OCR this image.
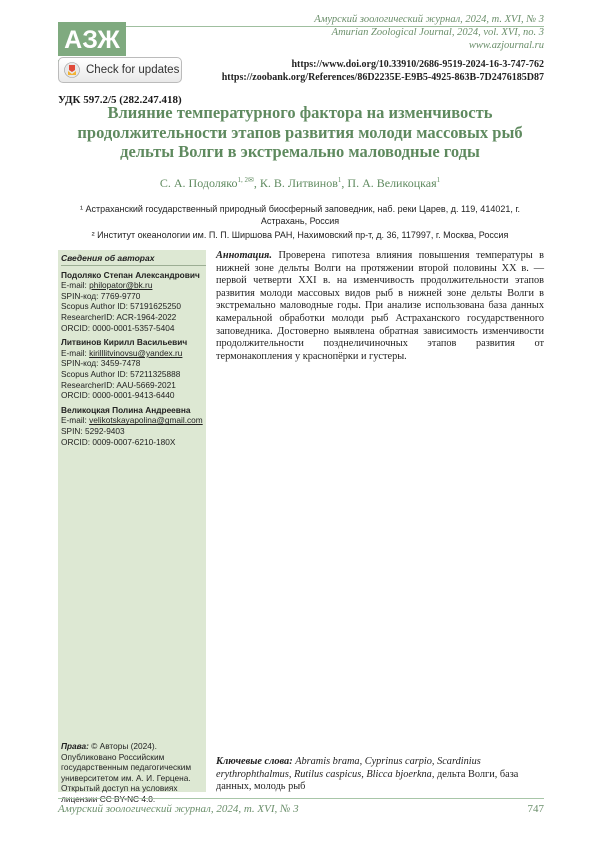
АЗЖ
Амурский зоологический журнал, 2024, т. XVI, № 3
Amurian Zoological Journal, 2024, vol. XVI, no. 3
www.azjournal.ru
Check for updates	https://www.doi.org/10.33910/2686-9519-2024-16-3-747-762
https://zoobank.org/References/86D2235E-E9B5-4925-863B-7D2476185D87
УДК 597.2/5 (282.247.418)
Влияние температурного фактора на изменчивость продолжительности этапов развития молоди массовых рыб дельты Волги в экстремально маловодные годы
С. А. Подоляко$^{1, 2✉}$, К. В. Литвинов$^1$, П. А. Великоцкая$^1$
¹ Астраханский государственный природный биосферный заповедник, наб. реки Царев, д. 119, 414021, г. Астрахань, Россия
² Институт океанологии им. П. П. Ширшова РАН, Нахимовский пр-т, д. 36, 117997, г. Москва, Россия
Сведения об авторах
Подоляко Степан Александрович
E-mail: philopator@bk.ru
SPIN-код: 7769-9770
Scopus Author ID: 57191625250
ResearcherID: ACR-1964-2022
ORCID: 0000-0001-5357-5404
Литвинов Кирилл Васильевич
E-mail: kirilllitvinovsu@yandex.ru
SPIN-код: 3459-7478
Scopus Author ID: 57211325888
ResearcherID: AAU-5669-2021
ORCID: 0000-0001-9413-6440
Великоцкая Полина Андреевна
E-mail: velikotskayapolina@gmail.com
SPIN: 5292-9403
ORCID: 0009-0007-6210-180X
Права: © Авторы (2024). Опубликовано Российским государственным педагогическим университетом им. А. И. Герцена. Открытый доступ на условиях
Аннотация. Проверена гипотеза влияния повышения температуры в нижней зоне дельты Волги на протяжении второй половины XX в. — первой четверти XXI в. на изменчивость продолжительности этапов развития молоди массовых видов рыб в нижней зоне дельты Волги в экстремально маловодные годы. При анализе использована база данных камеральной обработки молоди рыб Астраханского государственного заповедника. Достоверно выявлена обратная зависимость изменчивости продолжительности позднеличиночных этапов развития от термонакопления у краснопёрки и густеры.
Ключевые слова: Abramis brama, Cyprinus carpio, Scardinius erythrophthalmus, Rutilus caspicus, Blicca bjoerkna, дельта Волги, база данных, молодь рыб
Амурский зоологический журнал, 2024, т. XVI, № 3	747
